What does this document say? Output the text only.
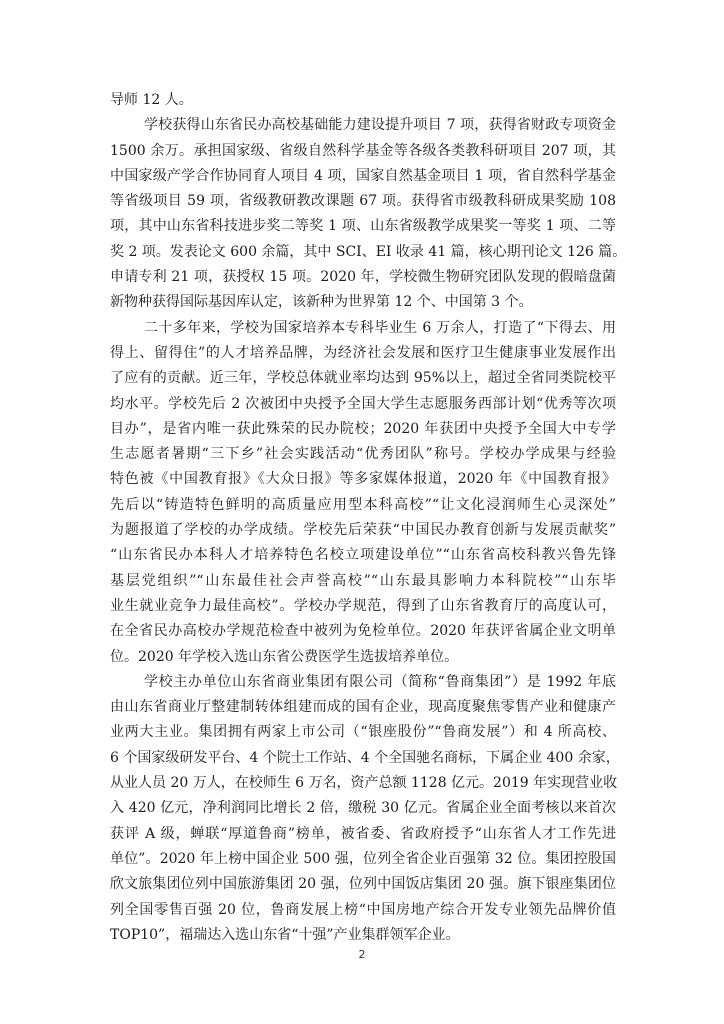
导师 12 人。
学校获得山东省民办高校基础能力建设提升项目 7 项，获得省财政专项资金
1500 余万。承担国家级、省级自然科学基金等各级各类教科研项目 207 项，其
中国家级产学合作协同育人项目 4 项，国家自然基金项目 1 项，省自然科学基金
等省级项目 59 项，省级教研教改课题 67 项。获得省市级教科研成果奖励 108
项，其中山东省科技进步奖二等奖 1 项、山东省级教学成果奖一等奖 1 项、二等
奖 2 项。发表论文 600 余篇，其中 SCI、EI 收录 41 篇，核心期刊论文 126 篇。
申请专利 21 项，获授权 15 项。2020 年，学校微生物研究团队发现的假暗盘菌
新物种获得国际基因库认定，该新种为世界第 12 个、中国第 3 个。
二十多年来，学校为国家培养本专科毕业生 6 万余人，打造了“下得去、用
得上、留得住”的人才培养品牌，为经济社会发展和医疗卫生健康事业发展作出
了应有的贡献。近三年，学校总体就业率均达到 95%以上，超过全省同类院校平
均水平。学校先后 2 次被团中央授予全国大学生志愿服务西部计划“优秀等次项
目办”，是省内唯一获此殊荣的民办院校；2020 年获团中央授予全国大中专学
生志愿者暑期“三下乡”社会实践活动“优秀团队”称号。学校办学成果与经验
特色被《中国教育报》《大众日报》等多家媒体报道，2020 年《中国教育报》
先后以“铸造特色鲜明的高质量应用型本科高校”“让文化浸润师生心灵深处”
为题报道了学校的办学成绩。学校先后荣获“中国民办教育创新与发展贡献奖”
“山东省民办本科人才培养特色名校立项建设单位”“山东省高校科教兴鲁先锋
基层党组织”“山东最佳社会声誉高校”“山东最具影响力本科院校”“山东毕
业生就业竞争力最佳高校”。学校办学规范，得到了山东省教育厅的高度认可，
在全省民办高校办学规范检查中被列为免检单位。2020 年获评省属企业文明单
位。2020 年学校入选山东省公费医学生选拔培养单位。
学校主办单位山东省商业集团有限公司（简称“鲁商集团”）是 1992 年底
由山东省商业厅整建制转体组建而成的国有企业，现高度聚焦零售产业和健康产
业两大主业。集团拥有两家上市公司（“银座股份”“鲁商发展”）和 4 所高校、
6 个国家级研发平台、4 个院士工作站、4 个全国驰名商标，下属企业 400 余家，
从业人员 20 万人，在校师生 6 万名，资产总额 1128 亿元。2019 年实现营业收
入 420 亿元，净利润同比增长 2 倍，缴税 30 亿元。省属企业全面考核以来首次
获评 A 级，蝉联“厚道鲁商”榜单，被省委、省政府授予“山东省人才工作先进
单位”。2020 年上榜中国企业 500 强，位列全省企业百强第 32 位。集团控股国
欣文旅集团位列中国旅游集团 20 强，位列中国饭店集团 20 强。旗下银座集团位
列全国零售百强 20 位，鲁商发展上榜“中国房地产综合开发专业领先品牌价值
TOP10”，福瑞达入选山东省“十强”产业集群领军企业。
2
